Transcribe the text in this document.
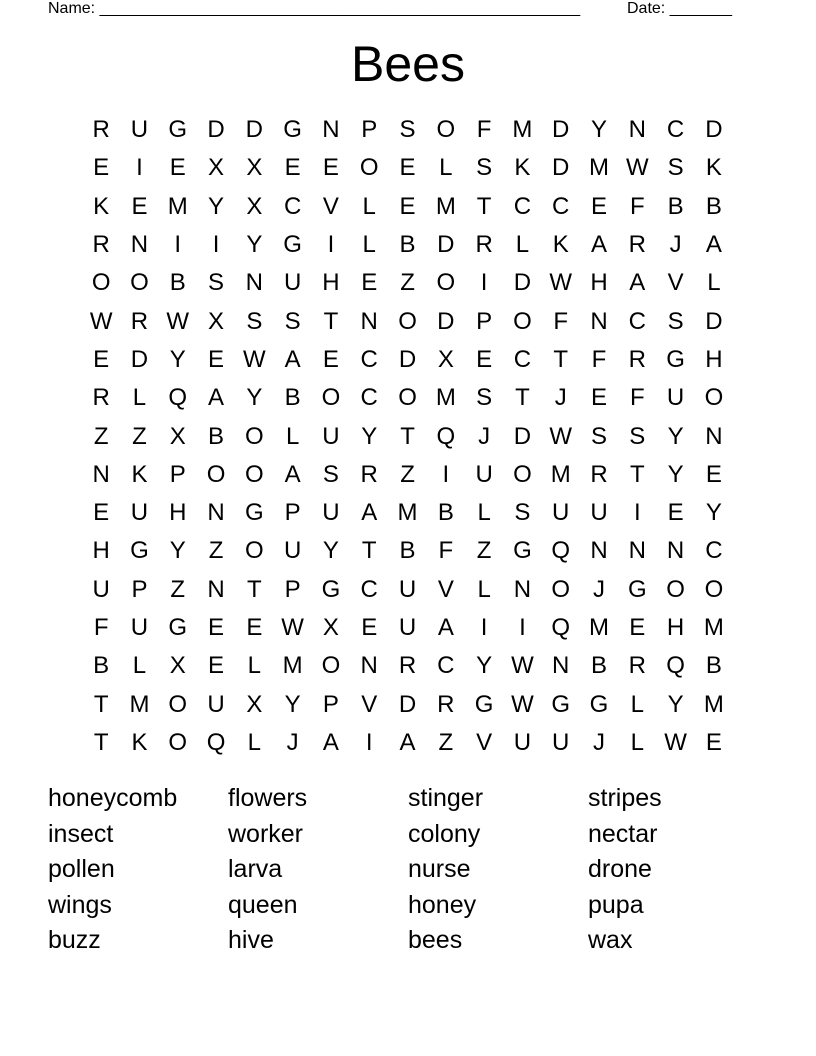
Name: ______________________________________________________	Date: _______
Bees
R U G D D G N P S O F M D Y N C D
E	I	E X X E E O E L S K D M W S K
K E M Y X C V L E M T C C E F B B
R N	I	I	Y G	I	L B D R L K A R J	A
O O B S N U H E Z O	I	D W H A V L
W R W X S S T N O D P O F N C S D
E D Y E W A E C D X E C T F R G H
R L Q A Y B O C O M S T	J	E F U O
Z Z X B O L U Y T Q J D W S S Y N
N K P O O A S R Z	I	U O M R T Y E
E U H N G P U A M B L S U U	I	E Y
H G Y Z O U Y T B F Z G Q N N N C
U P Z N T P G C U V L N O J G O O
F U G E E W X E U A	I	I	Q M E H M
B L X E L M O N R C Y W N B R Q B
T M O U X Y P V D R G W G G L Y M
T K O Q L	J	A	I	A Z V U U J	L W E
honeycomb	flowers	stinger	stripes
insect	worker	colony	nectar
pollen	larva	nurse	drone
wings	queen	honey	pupa
buzz	hive	bees	wax
